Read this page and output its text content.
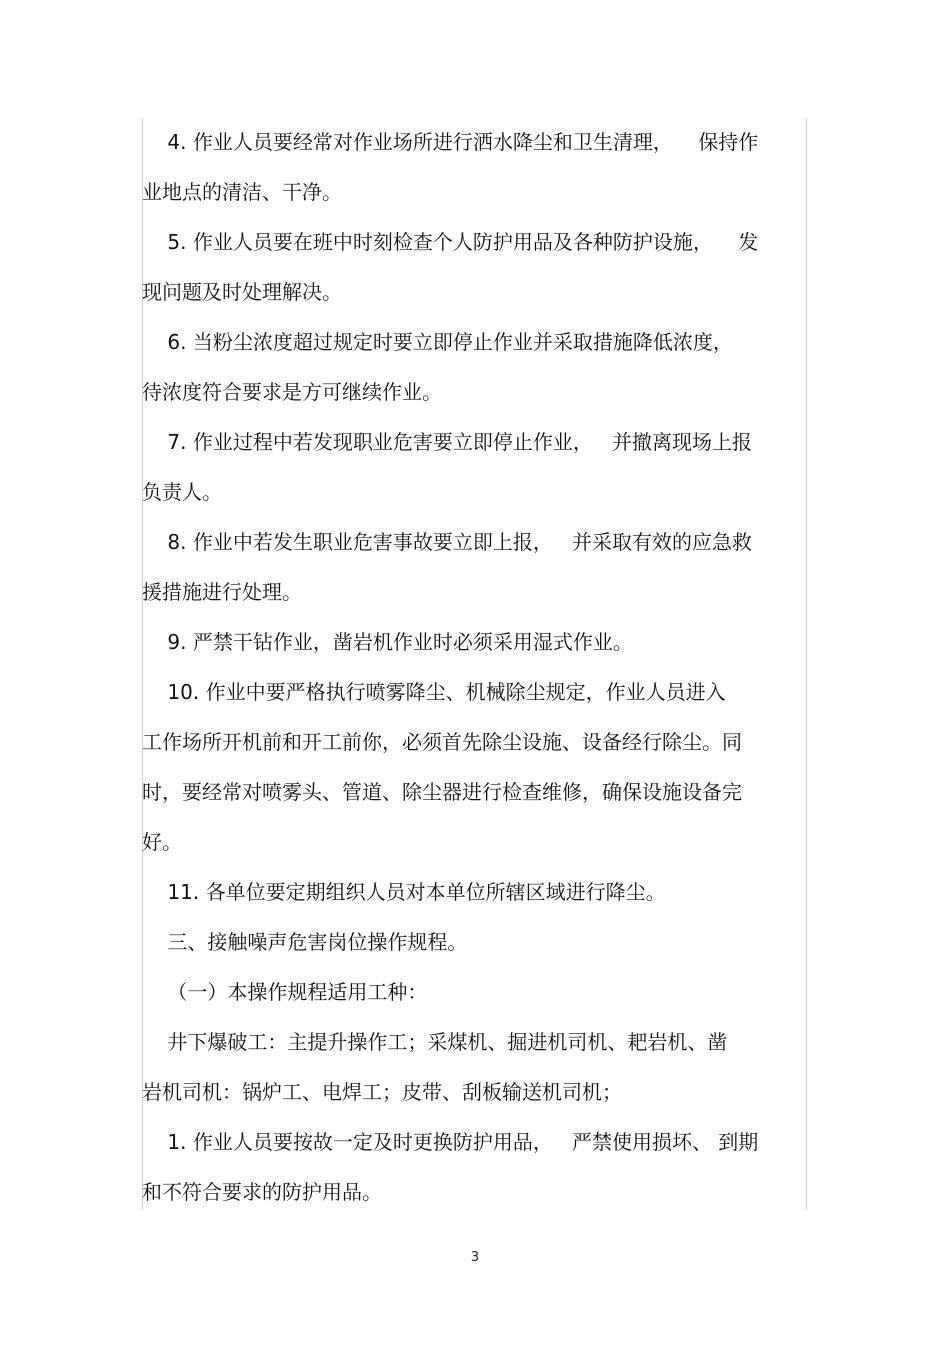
4. 作业人员要经常对作业场所进行洒水降尘和卫生清理，    保持作
业地点的清洁、干净。
5. 作业人员要在班中时刻检查个人防护用品及各种防护设施，    发
现问题及时处理解决。
6. 当粉尘浓度超过规定时要立即停止作业并采取措施降低浓度，
待浓度符合要求是方可继续作业。
7. 作业过程中若发现职业危害要立即停止作业，   并撤离现场上报
负责人。
8. 作业中若发生职业危害事故要立即上报，   并采取有效的应急救
援措施进行处理。
9. 严禁干钻作业，凿岩机作业时必须采用湿式作业。
10. 作业中要严格执行喷雾降尘、机械除尘规定，作业人员进入
工作场所开机前和开工前你，必须首先除尘设施、设备经行除尘。同
时，要经常对喷雾头、管道、除尘器进行检查维修，确保设施设备完
好。
11. 各单位要定期组织人员对本单位所辖区域进行降尘。
三、接触噪声危害岗位操作规程。
（一）本操作规程适用工种：
井下爆破工：主提升操作工；采煤机、掘进机司机、耙岩机、凿
岩机司机：锅炉工、电焊工；皮带、刮板输送机司机；
1. 作业人员要按故一定及时更换防护用品，   严禁使用损坏、 到期
和不符合要求的防护用品。
3
